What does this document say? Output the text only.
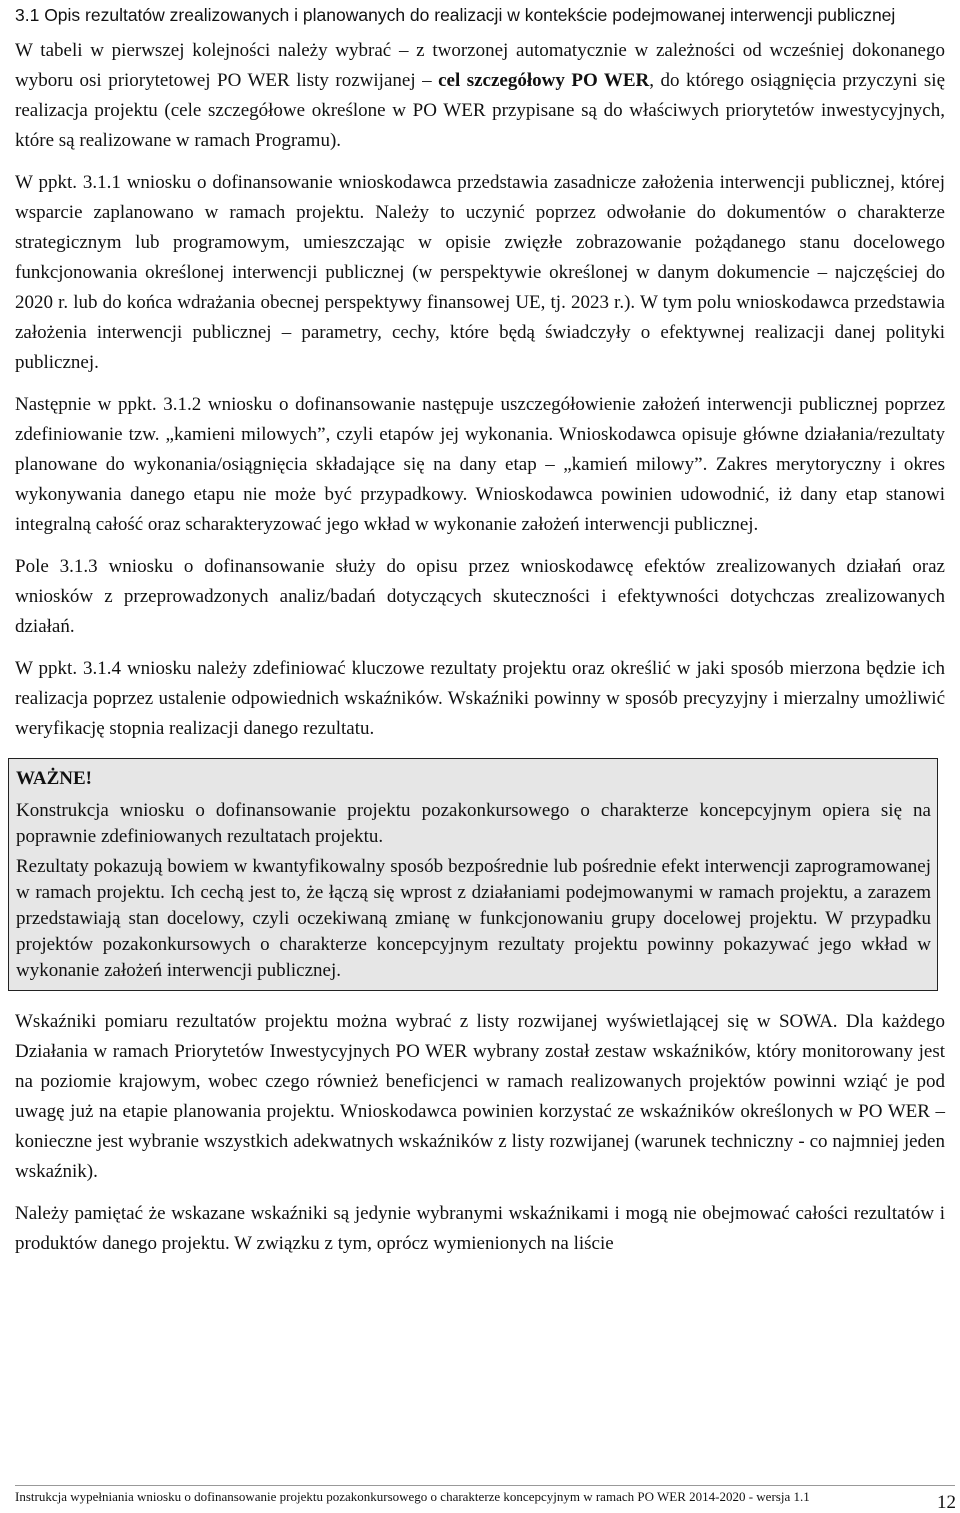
3.1 Opis rezultatów zrealizowanych i planowanych do realizacji w kontekście podejmowanej interwencji publicznej

W tabeli w pierwszej kolejności należy wybrać – z tworzonej automatycznie w zależności od wcześniej dokonanego wyboru osi priorytetowej PO WER listy rozwijanej – cel szczegółowy PO WER, do którego osiągnięcia przyczyni się realizacja projektu (cele szczegółowe określone w PO WER przypisane są do właściwych priorytetów inwestycyjnych, które są realizowane w ramach Programu).

W ppkt. 3.1.1 wniosku o dofinansowanie wnioskodawca przedstawia zasadnicze założenia interwencji publicznej, której wsparcie zaplanowano w ramach projektu. Należy to uczynić poprzez odwołanie do dokumentów o charakterze strategicznym lub programowym, umieszczając w opisie zwięzłe zobrazowanie pożądanego stanu docelowego funkcjonowania określonej interwencji publicznej (w perspektywie określonej w danym dokumencie – najczęściej do 2020 r. lub do końca wdrażania obecnej perspektywy finansowej UE, tj. 2023 r.). W tym polu wnioskodawca przedstawia założenia interwencji publicznej – parametry, cechy, które będą świadczyły o efektywnej realizacji danej polityki publicznej.

Następnie w ppkt. 3.1.2 wniosku o dofinansowanie następuje uszczegółowienie założeń interwencji publicznej poprzez zdefiniowanie tzw. „kamieni milowych”, czyli etapów jej wykonania. Wnioskodawca opisuje główne działania/rezultaty planowane do wykonania/osiągnięcia składające się na dany etap – „kamień milowy”. Zakres merytoryczny i okres wykonywania danego etapu nie może być przypadkowy. Wnioskodawca powinien udowodnić, iż dany etap stanowi integralną całość oraz scharakteryzować jego wkład w wykonanie założeń interwencji publicznej.

Pole 3.1.3 wniosku o dofinansowanie służy do opisu przez wnioskodawcę efektów zrealizowanych działań oraz wniosków z przeprowadzonych analiz/badań dotyczących skuteczności i efektywności dotychczas zrealizowanych działań.

W ppkt. 3.1.4 wniosku należy zdefiniować kluczowe rezultaty projektu oraz określić w jaki sposób mierzona będzie ich realizacja poprzez ustalenie odpowiednich wskaźników. Wskaźniki powinny w sposób precyzyjny i mierzalny umożliwić weryfikację stopnia realizacji danego rezultatu.

WAŻNE!

Konstrukcja wniosku o dofinansowanie projektu pozakonkursowego o charakterze koncepcyjnym opiera się na poprawnie zdefiniowanych rezultatach projektu.

Rezultaty pokazują bowiem w kwantyfikowalny sposób bezpośrednie lub pośrednie efekt interwencji zaprogramowanej w ramach projektu. Ich cechą jest to, że łączą się wprost z działaniami podejmowanymi w ramach projektu, a zarazem przedstawiają stan docelowy, czyli oczekiwaną zmianę w funkcjonowaniu grupy docelowej projektu. W przypadku projektów pozakonkursowych o charakterze koncepcyjnym rezultaty projektu powinny pokazywać jego wkład w wykonanie założeń interwencji publicznej.

Wskaźniki pomiaru rezultatów projektu można wybrać z listy rozwijanej wyświetlającej się w SOWA. Dla każdego Działania w ramach Priorytetów Inwestycyjnych PO WER wybrany został zestaw wskaźników, który monitorowany jest na poziomie krajowym, wobec czego również beneficjenci w ramach realizowanych projektów powinni wziąć je pod uwagę już na etapie planowania projektu. Wnioskodawca powinien korzystać ze wskaźników określonych w PO WER – konieczne jest wybranie wszystkich adekwatnych wskaźników z listy rozwijanej (warunek techniczny - co najmniej jeden wskaźnik).

Należy pamiętać że wskazane wskaźniki są jedynie wybranymi wskaźnikami i mogą nie obejmować całości rezultatów i produktów danego projektu. W związku z tym, oprócz wymienionych na liście

Instrukcja wypełniania wniosku o dofinansowanie projektu pozakonkursowego o charakterze koncepcyjnym w ramach PO WER 2014-2020 - wersja 1.1	12
